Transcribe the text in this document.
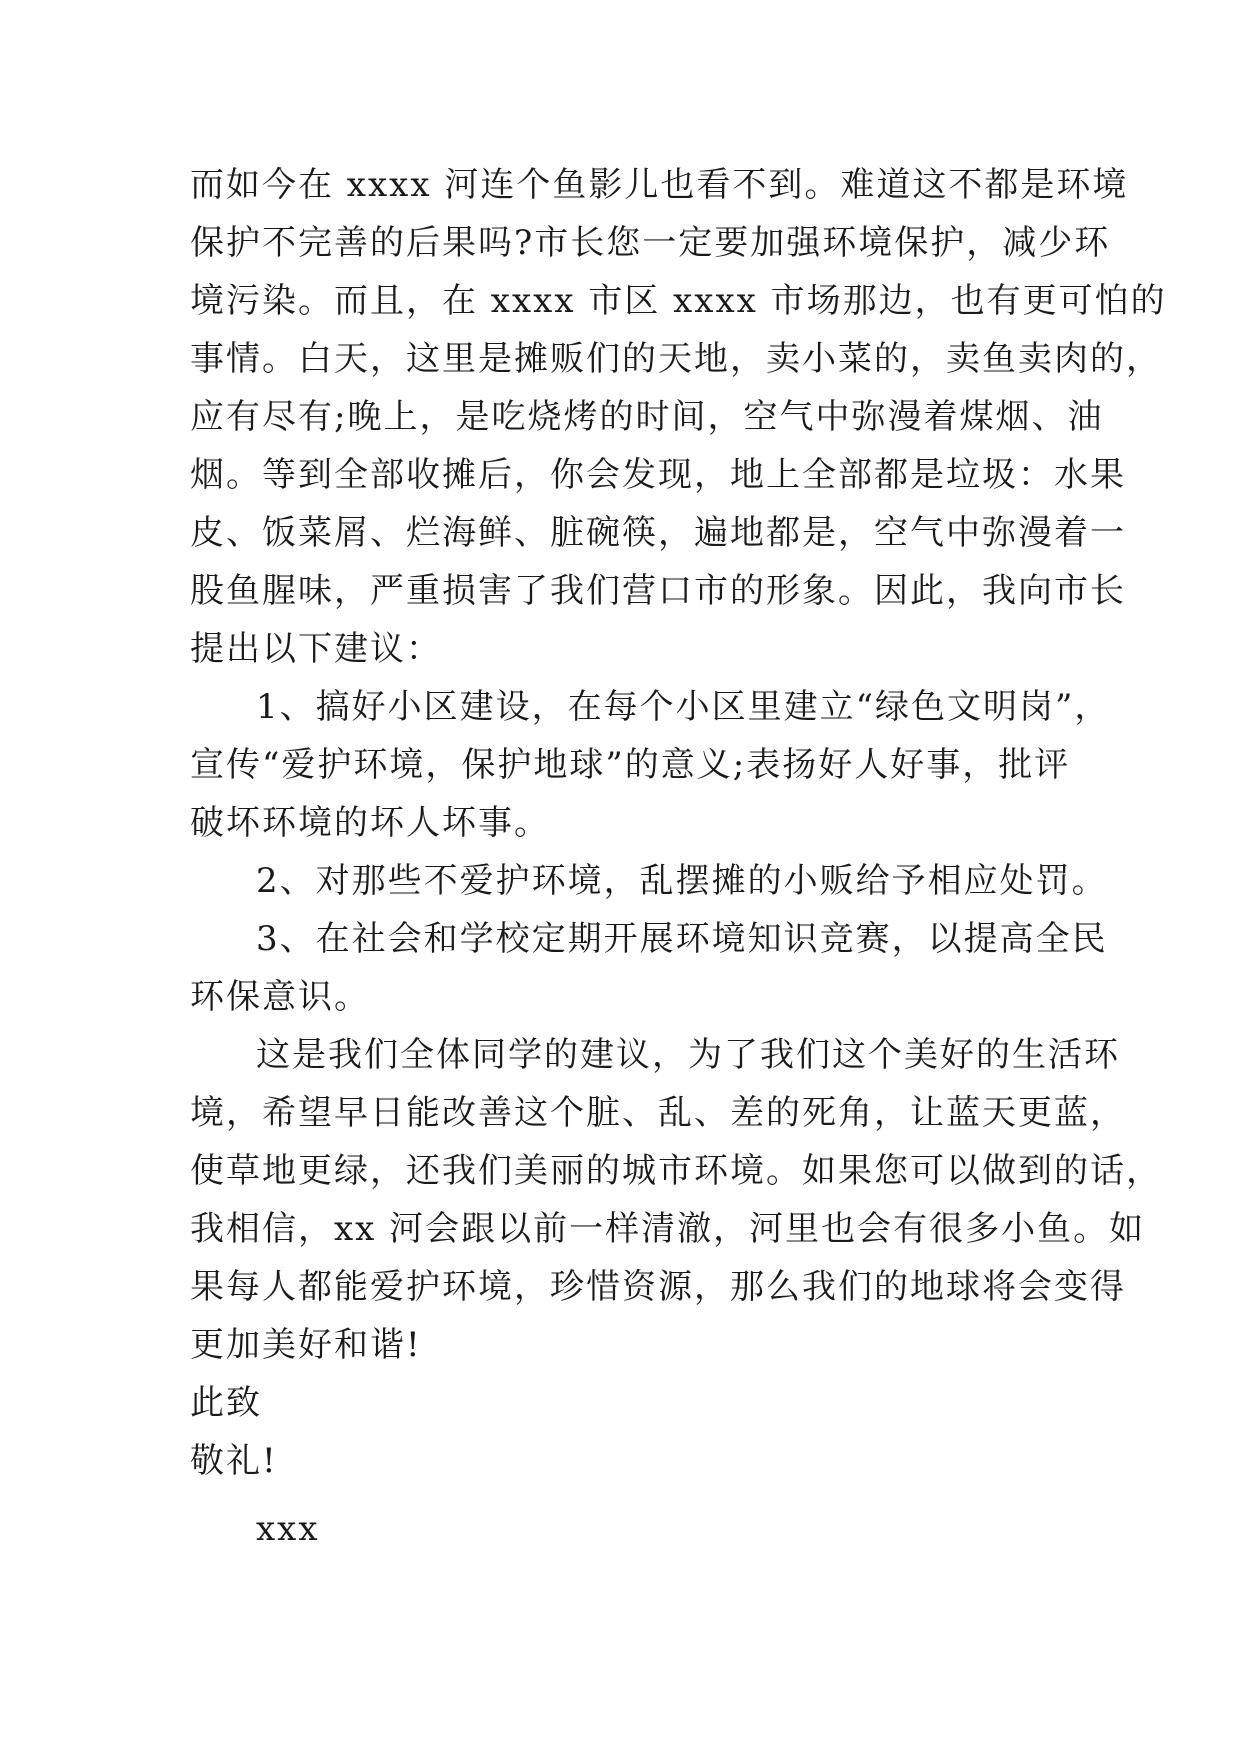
而如今在 xxxx 河连个鱼影儿也看不到。难道这不都是环境
保护不完善的后果吗?市长您一定要加强环境保护，减少环
境污染。而且，在 xxxx 市区 xxxx 市场那边，也有更可怕的
事情。白天，这里是摊贩们的天地，卖小菜的，卖鱼卖肉的，
应有尽有;晚上，是吃烧烤的时间，空气中弥漫着煤烟、油
烟。等到全部收摊后，你会发现，地上全部都是垃圾：水果
皮、饭菜屑、烂海鲜、脏碗筷，遍地都是，空气中弥漫着一
股鱼腥味，严重损害了我们营口市的形象。因此，我向市长
提出以下建议：
1、搞好小区建设，在每个小区里建立“绿色文明岗”，
宣传“爱护环境，保护地球”的意义;表扬好人好事，批评
破坏环境的坏人坏事。
2、对那些不爱护环境，乱摆摊的小贩给予相应处罚。
3、在社会和学校定期开展环境知识竞赛，以提高全民
环保意识。
这是我们全体同学的建议，为了我们这个美好的生活环
境，希望早日能改善这个脏、乱、差的死角，让蓝天更蓝，
使草地更绿，还我们美丽的城市环境。如果您可以做到的话，
我相信，xx 河会跟以前一样清澈，河里也会有很多小鱼。如
果每人都能爱护环境，珍惜资源，那么我们的地球将会变得
更加美好和谐!
此致
敬礼!
xxx
